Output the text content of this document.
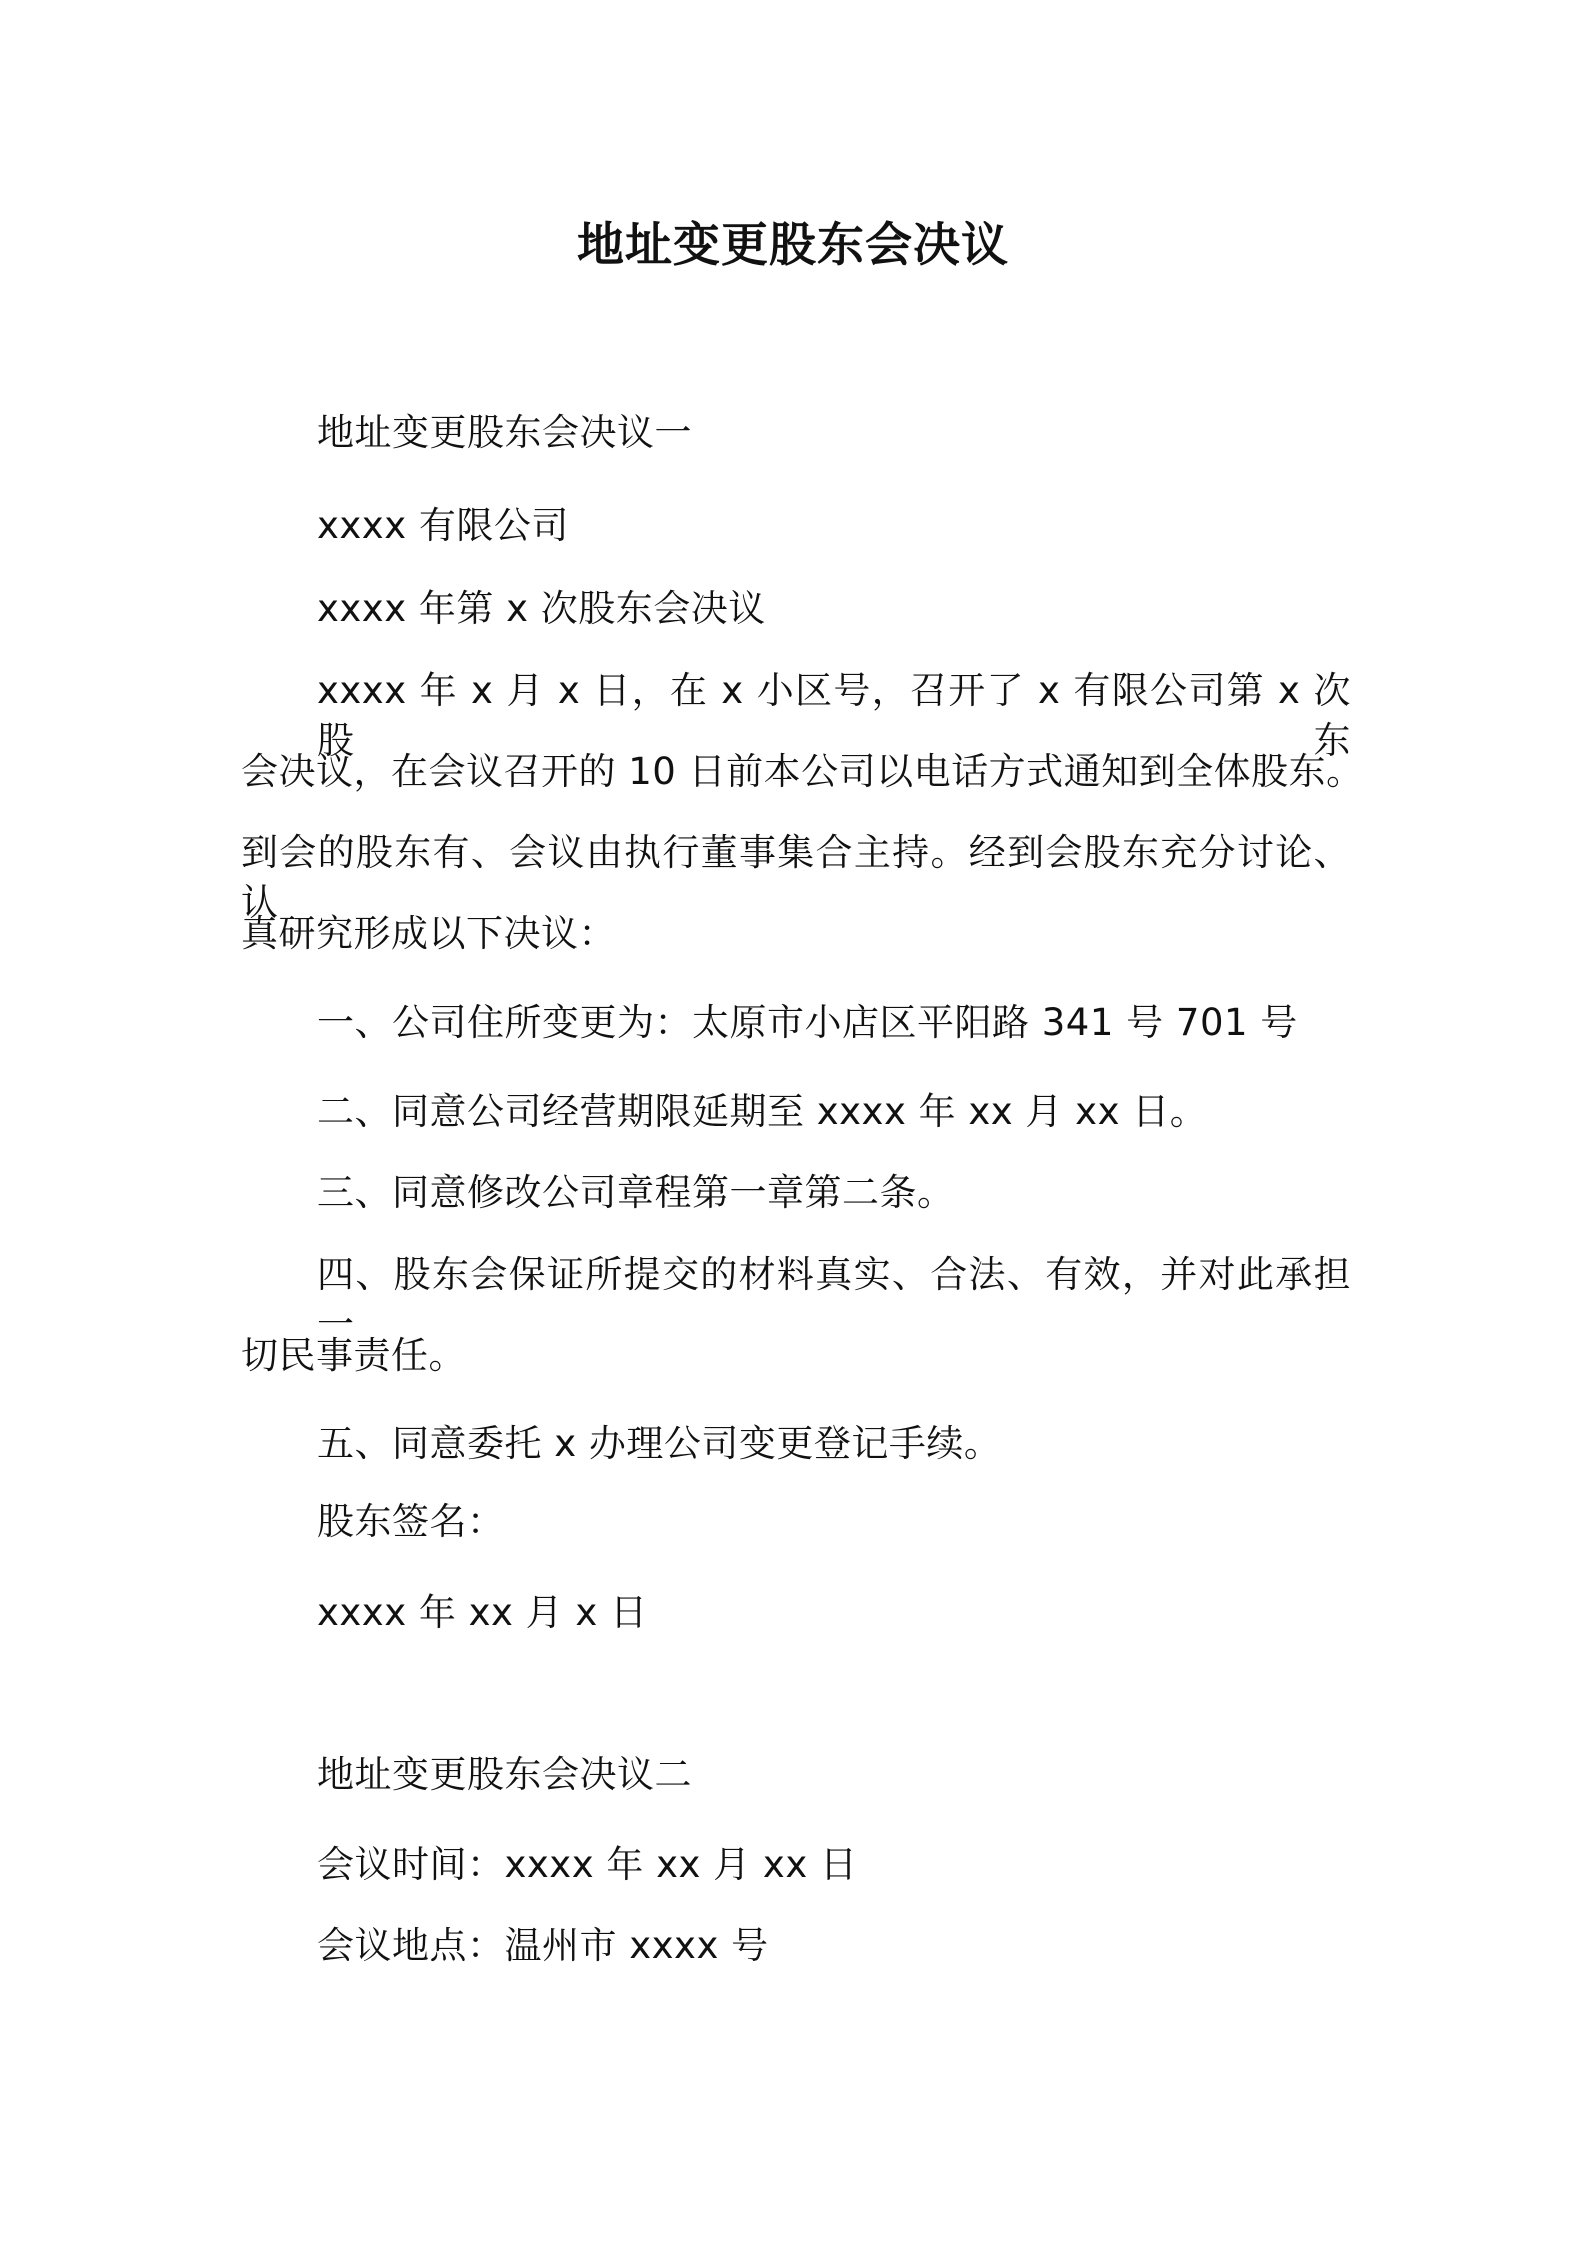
地址变更股东会决议
地址变更股东会决议一
xxxx 有限公司
xxxx 年第 x 次股东会决议
xxxx 年 x 月 x 日，在 x 小区号，召开了 x 有限公司第 x 次股东
会决议，在会议召开的 10 日前本公司以电话方式通知到全体股东。
到会的股东有、会议由执行董事集合主持。经到会股东充分讨论、认
真研究形成以下决议：
一、公司住所变更为：太原市小店区平阳路 341 号 701 号
二、同意公司经营期限延期至 xxxx 年 xx 月 xx 日。
三、同意修改公司章程第一章第二条。
四、股东会保证所提交的材料真实、合法、有效，并对此承担一
切民事责任。
五、同意委托 x 办理公司变更登记手续。
股东签名：
xxxx 年 xx 月 x 日
地址变更股东会决议二
会议时间：xxxx 年 xx 月 xx 日
会议地点：温州市 xxxx 号
